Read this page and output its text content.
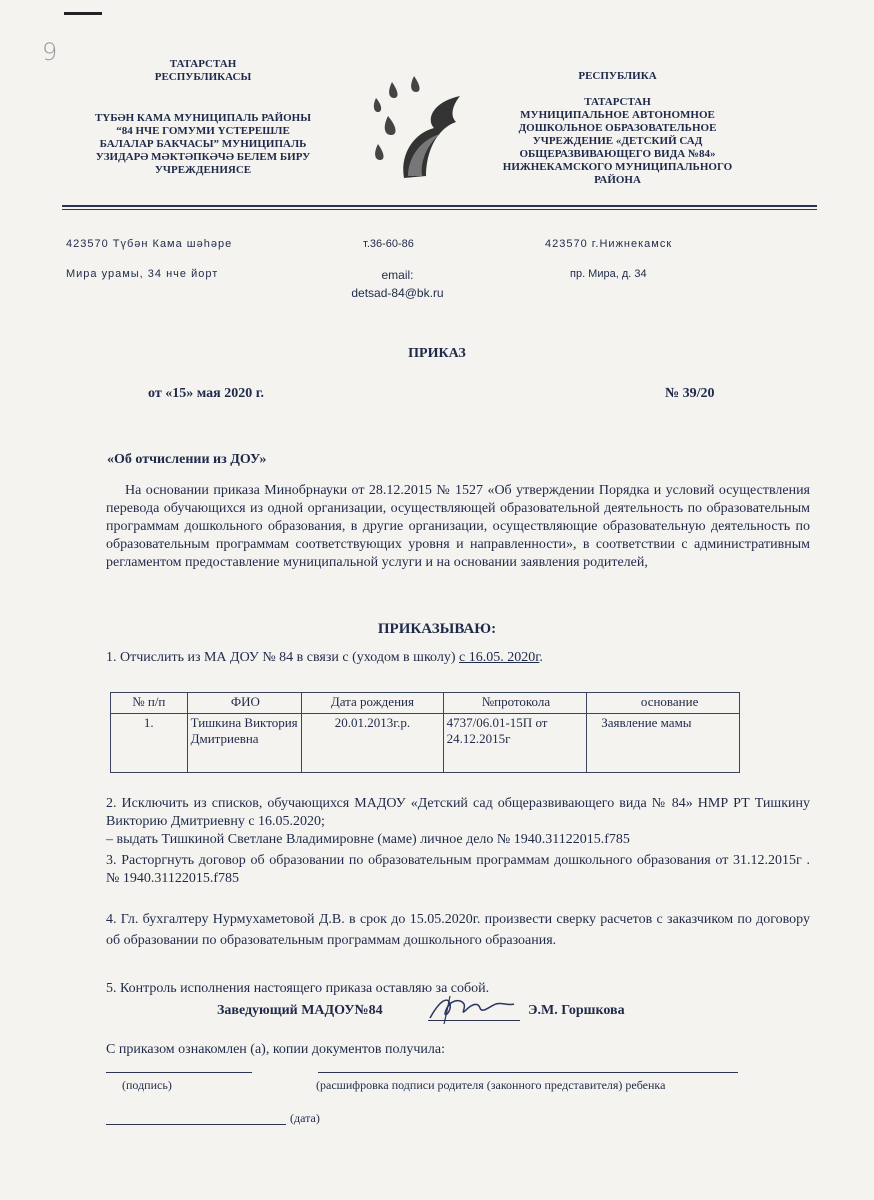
9	ТАТАРСТАН
РЕСПУБЛИКАСЫ
ТҮБӘН КАМА МУНИЦИПАЛЬ РАЙОНЫ
“84 НЧЕ ГОМУМИ ҮСТЕРЕШЛЕ
БАЛАЛАР БАКЧАСЫ” МУНИЦИПАЛЬ
УЗИДАРӘ МӘКТӘПКӘЧӘ БЕЛЕМ БИРУ
УЧРЕЖДЕНИЯСЕ
РЕСПУБЛИКА
ТАТАРСТАН
МУНИЦИПАЛЬНОЕ АВТОНОМНОЕ
ДОШКОЛЬНОЕ ОБРАЗОВАТЕЛЬНОЕ
УЧРЕЖДЕНИЕ «ДЕТСКИЙ САД
ОБЩЕРАЗВИВАЮЩЕГО ВИДА №84»
НИЖНЕКАМСКОГО МУНИЦИПАЛЬНОГО
РАЙОНА
423570 Түбән Кама шәһәре
Мира урамы, 34 нче йорт
т.36-60-86
email:
detsad-84@bk.ru
423570 г.Нижнекамск
пр. Мира, д. 34
ПРИКАЗ
от «15» мая 2020 г.	№ 39/20
«Об отчислении из ДОУ»
На основании приказа Минобрнауки от 28.12.2015 № 1527 «Об утверждении Порядка и условий осуществления перевода обучающихся из одной организации, осуществляющей образовательной деятельность по образовательным программам дошкольного образования, в другие организации, осуществляющие образовательную деятельность по образовательным программам соответствующих уровня и направленности», в соответствии с административным регламентом предоставление муниципальной услуги и на основании заявления родителей,
ПРИКАЗЫВАЮ:
1. Отчислить из МА ДОУ № 84 в связи с (уходом в школу) с 16.05. 2020г.
№ п/п	ФИО	Дата рождения	№протокола	основание
1.	Тишкина Виктория Дмитриевна	20.01.2013г.р.	4737/06.01-15П от 24.12.2015г	Заявление мамы
2. Исключить из списков, обучающихся МАДОУ «Детский сад общеразвивающего вида № 84» НМР РТ Тишкину Викторию Дмитриевну с 16.05.2020;
– выдать Тишкиной Светлане Владимировне (маме) личное дело № 1940.31122015.f785
3. Расторгнуть договор об образовании по образовательным программам дошкольного образования от 31.12.2015г . № 1940.31122015.f785
4. Гл. бухгалтеру Нурмухаметовой Д.В. в срок до 15.05.2020г. произвести сверку расчетов с заказчиком по договору об образовании по образовательным программам дошкольного образоания.
5. Контроль исполнения настоящего приказа оставляю за собой.
Заведующий МАДОУ№84	Э.М. Горшкова
С приказом ознакомлен (а), копии документов получила:
(подпись)	(расшифровка подписи родителя (законного представителя) ребенка
(дата)
